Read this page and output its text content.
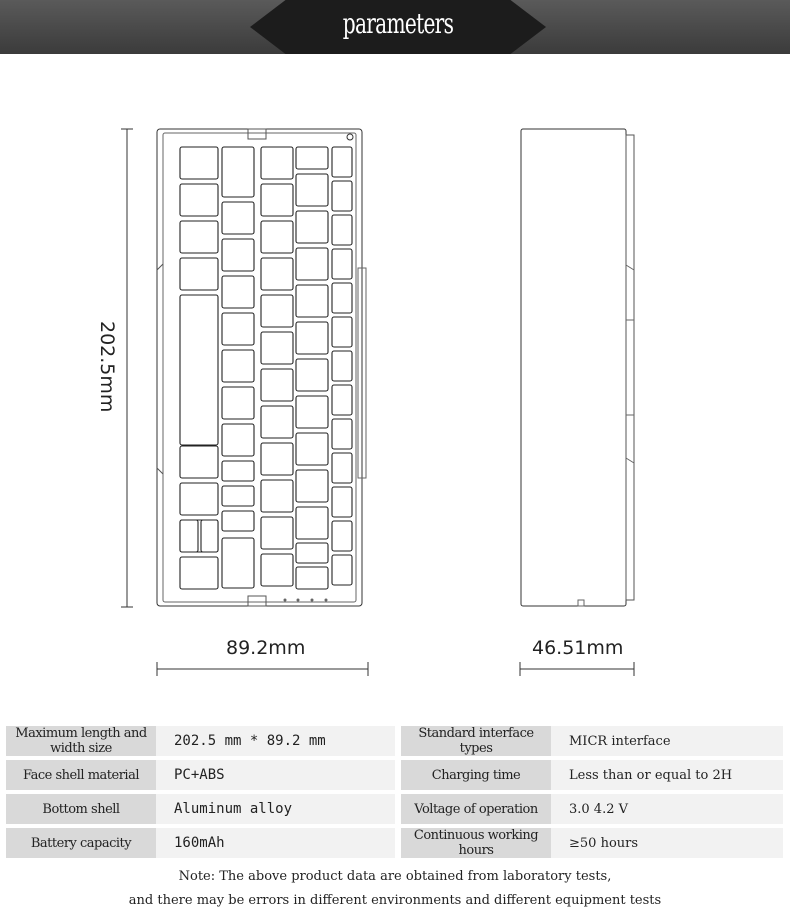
parameters
202.5mm
89.2mm	46.51mm
Maximum length and width size	202.5 mm * 89.2 mm	Standard interface types	MICR interface
Face shell material	PC+ABS	Charging time	Less than or equal to 2H
Bottom shell	Aluminum alloy	Voltage of operation	3.0 4.2 V
Battery capacity	160mAh	Continuous working hours	≥50 hours
Note: The above product data are obtained from laboratory tests,
and there may be errors in different environments and different equipment tests
